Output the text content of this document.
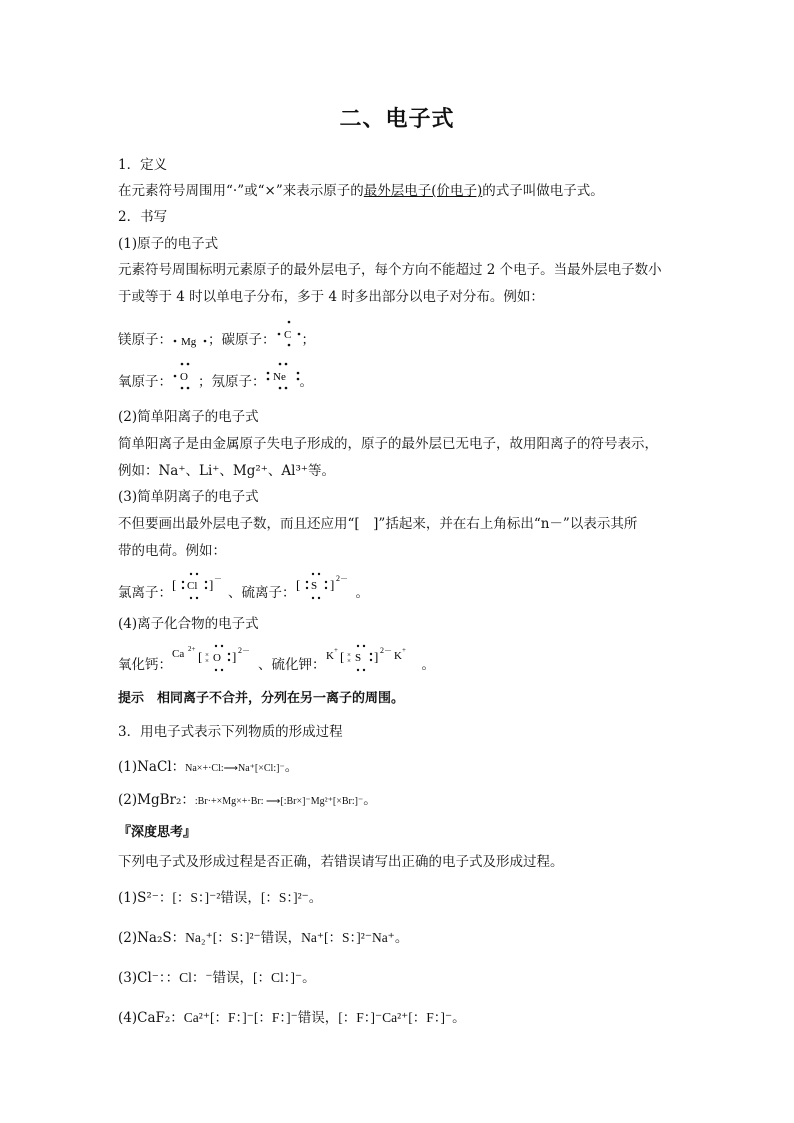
二、电子式
1．定义
在元素符号周围用“·”或“×”来表示原子的最外层电子(价电子)的式子叫做电子式。
2．书写
(1)原子的电子式
元素符号周围标明元素原子的最外层电子，每个方向不能超过 2 个电子。当最外层电子数小
于或等于 4 时以单电子分布，多于 4 时多出部分以电子对分布。例如：
镁原子： Mg ；碳原子： C ；
氧原子： O ；氖原子： Ne 。
(2)简单阳离子的电子式
简单阳离子是由金属原子失电子形成的，原子的最外层已无电子，故用阳离子的符号表示，
例如：Na⁺、Li⁺、Mg²⁺、Al³⁺等。
(3)简单阴离子的电子式
不但要画出最外层电子数，而且还应用“[　]”括起来，并在右上角标出“n－”以表示其所
带的电荷。例如：
氯离子：
[ Cl ] －
、硫离子：
[ S ] 2－
。
(4)离子化合物的电子式
氧化钙：
Ca 2+ [ ×
× O ] 2－
、硫化钾：
K + [ ×
× S ] 2－ K +
。
提示　相同离子不合并，分列在另一离子的周围。
3．用电子式表示下列物质的形成过程
(1)NaCl：Na×+·Cl:⟶Na⁺[×Cl:]⁻。
(2)MgBr₂：:Br·+×Mg×+·Br: ⟶[:Br×]⁻Mg²⁺[×Br:]⁻。
『深度思考』
下列电子式及形成过程是否正确，若错误请写出正确的电子式及形成过程。
(1)S²⁻：[：S：]⁻²错误，[：S：]²⁻。
(2)Na₂S：Na₂⁺[：S：]²⁻错误，Na⁺[：S：]²⁻Na⁺。
(3)Cl⁻：：Cl：⁻错误，[：Cl：]⁻。
(4)CaF₂：Ca²⁺[：F：]⁻[：F：]⁻错误，[：F：]⁻Ca²⁺[：F：]⁻。
